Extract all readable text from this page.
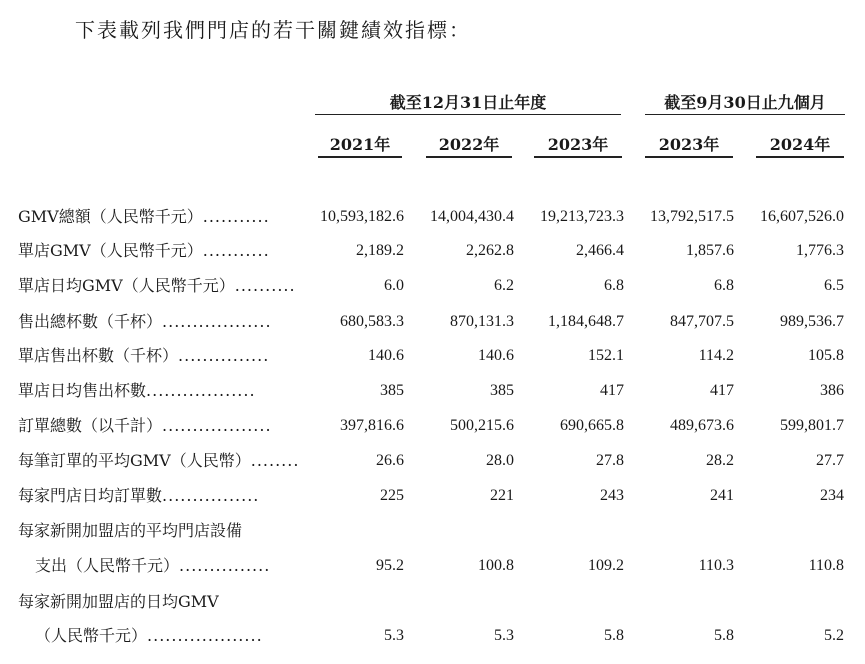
下表載列我們門店的若干關鍵績效指標：
截至12月31日止年度	截至9月30日止九個月
2021年	2022年	2023年	2023年	2024年
GMV總額（人民幣千元）...........	10,593,182.6	14,004,430.4	19,213,723.3	13,792,517.5	16,607,526.0
單店GMV（人民幣千元）...........	2,189.2	2,262.8	2,466.4	1,857.6	1,776.3
單店日均GMV（人民幣千元）..........	6.0	6.2	6.8	6.8	6.5
售出總杯數（千杯）..................	680,583.3	870,131.3	1,184,648.7	847,707.5	989,536.7
單店售出杯數（千杯）...............	140.6	140.6	152.1	114.2	105.8
單店日均售出杯數..................	385	385	417	417	386
訂單總數（以千計）..................	397,816.6	500,215.6	690,665.8	489,673.6	599,801.7
每筆訂單的平均GMV（人民幣）........	26.6	28.0	27.8	28.2	27.7
每家門店日均訂單數................	225	221	243	241	234
每家新開加盟店的平均門店設備
支出（人民幣千元）...............	95.2	100.8	109.2	110.3	110.8
每家新開加盟店的日均GMV
（人民幣千元）...................	5.3	5.3	5.8	5.8	5.2
